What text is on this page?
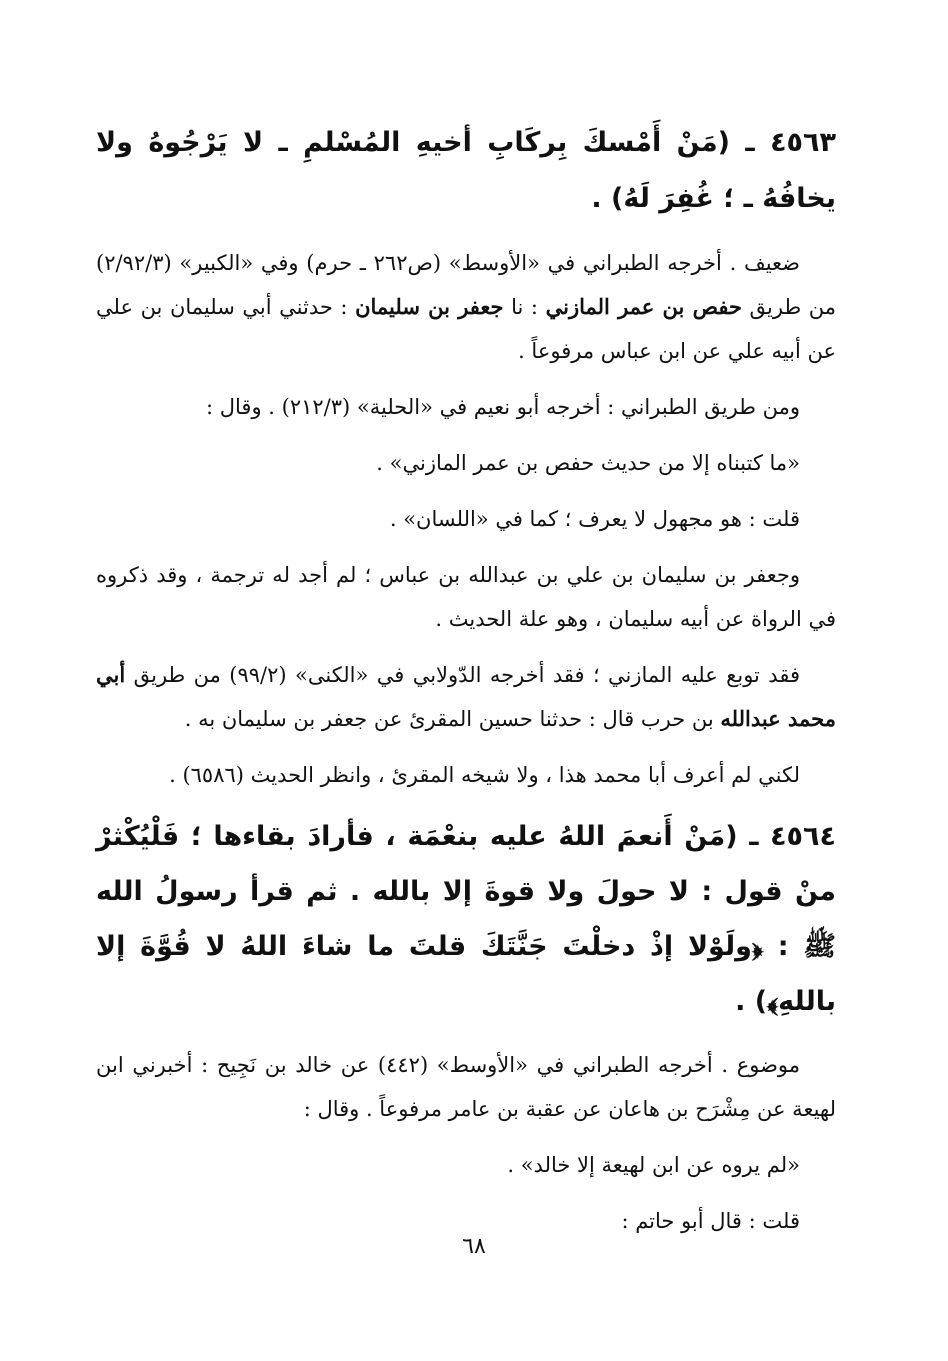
٤٥٦٣ ـ (مَنْ أَمْسكَ بِركَابِ أخيهِ المُسْلمِ ـ لا يَرْجُوهُ ولا يخافُهُ ـ ؛ غُفِرَ لَهُ) .

ضعيف . أخرجه الطبراني في «الأوسط» (ص٢٦٢ ـ حرم) وفي «الكبير» (٢/٩٢/٣) من طريق حفص بن عمر المازني : نا جعفر بن سليمان : حدثني أبي سليمان بن علي عن أبيه علي عن ابن عباس مرفوعاً .

ومن طريق الطبراني : أخرجه أبو نعيم في «الحلية» (٢١٢/٣) . وقال :

«ما كتبناه إلا من حديث حفص بن عمر المازني» .

قلت : هو مجهول لا يعرف ؛ كما في «اللسان» .

وجعفر بن سليمان بن علي بن عبدالله بن عباس ؛ لم أجد له ترجمة ، وقد ذكروه في الرواة عن أبيه سليمان ، وهو علة الحديث .

فقد توبع عليه المازني ؛ فقد أخرجه الدّولابي في «الكنى» (٩٩/٢) من طريق أبي محمد عبدالله بن حرب قال : حدثنا حسين المقرئ عن جعفر بن سليمان به .

لكني لم أعرف أبا محمد هذا ، ولا شيخه المقرئ ، وانظر الحديث (٦٥٨٦) .

٤٥٦٤ ـ (مَنْ أَنعمَ اللهُ عليه بنعْمَة ، فأرادَ بقاءها ؛ فَلْيُكْثرْ منْ قول : لا حولَ ولا قوةَ إلا بالله . ثم قرأ رسولُ الله ﷺ : ﴿ولَوْلا إذْ دخلْتَ جَنَّتَكَ قلتَ ما شاءَ اللهُ لا قُوَّةَ إلا باللهِ﴾) .

موضوع . أخرجه الطبراني في «الأوسط» (٤٤٢) عن خالد بن نَجِيح : أخبرني ابن لهيعة عن مِشْرَح بن هاعان عن عقبة بن عامر مرفوعاً . وقال :

«لم يروه عن ابن لهيعة إلا خالد» .

قلت : قال أبو حاتم :

٦٨
